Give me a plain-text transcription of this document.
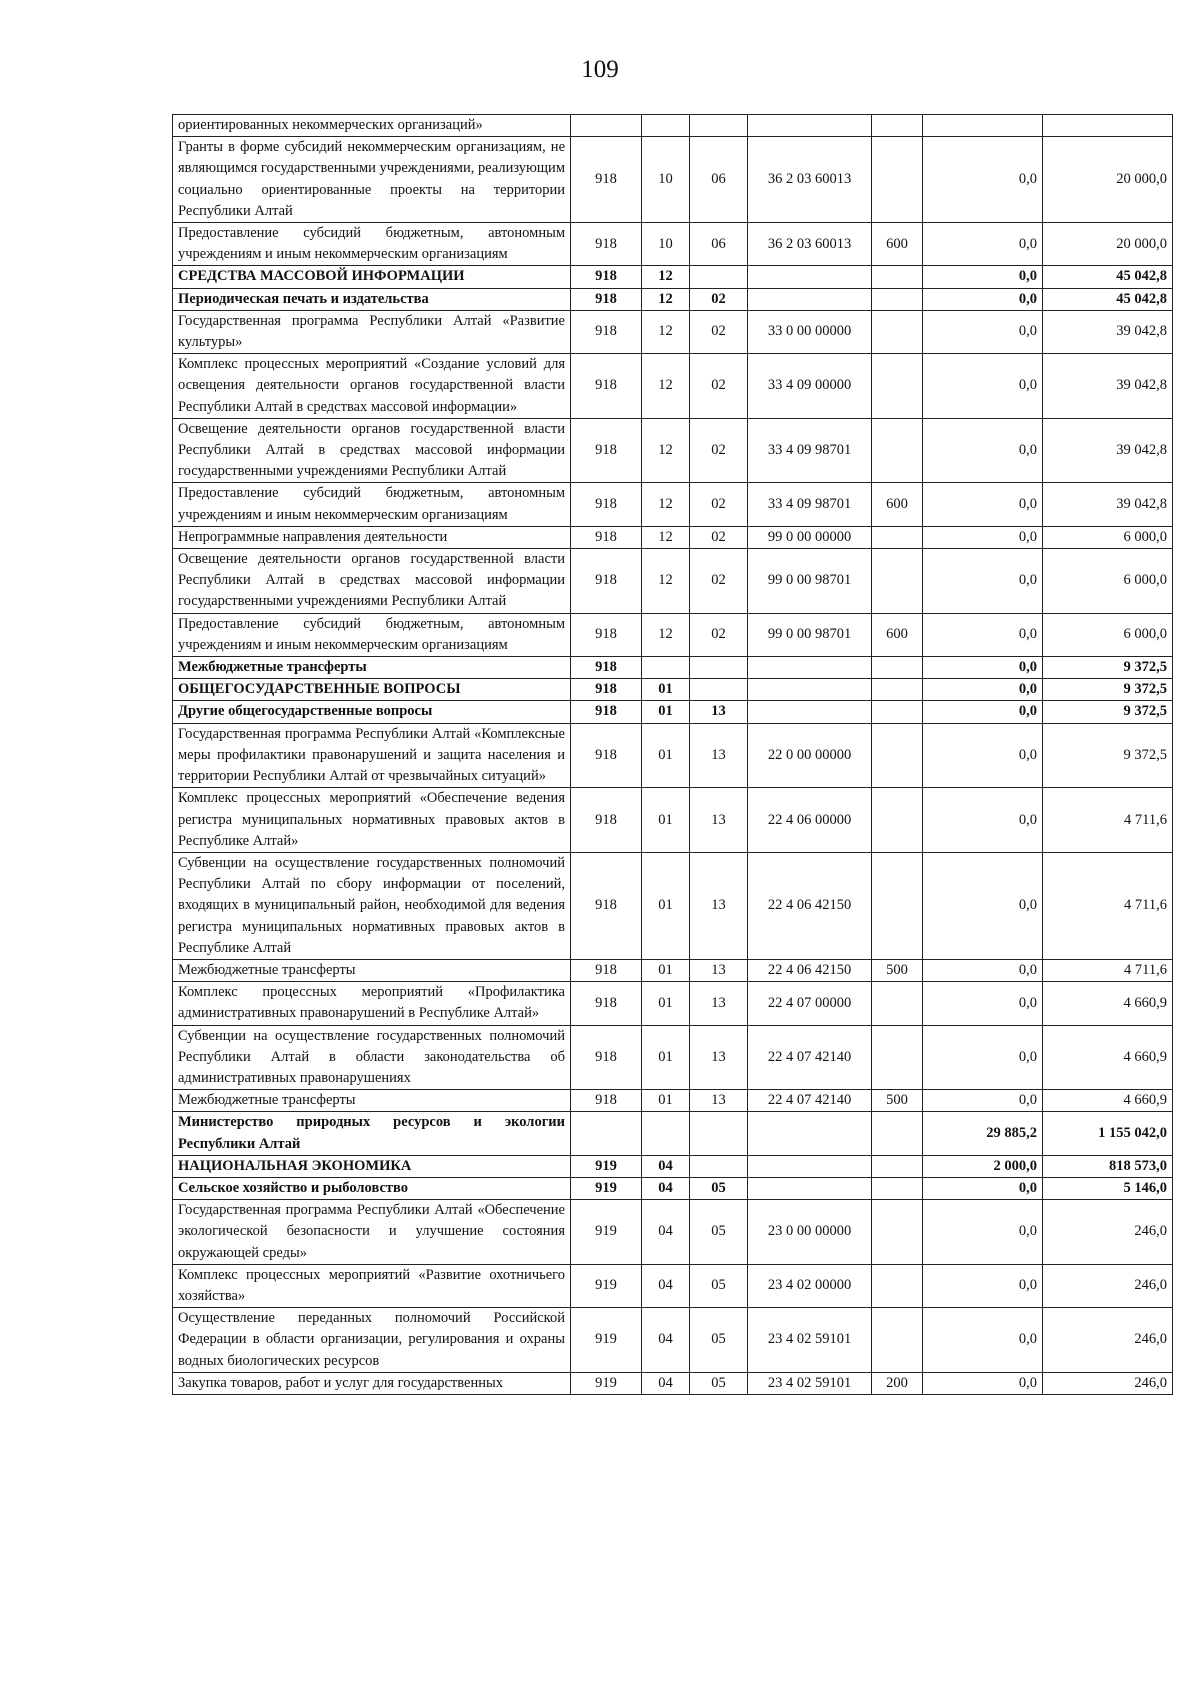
109
ориентированных некоммерческих организаций»							
Гранты в форме субсидий некоммерческим организациям, не являющимся государственными учреждениями, реализующим социально ориентированные проекты на территории Республики Алтай	918	10	06	36 2 03 60013		0,0	20 000,0
Предоставление субсидий бюджетным, автономным учреждениям и иным некоммерческим организациям	918	10	06	36 2 03 60013	600	0,0	20 000,0
СРЕДСТВА МАССОВОЙ ИНФОРМАЦИИ	918	12				0,0	45 042,8
Периодическая печать и издательства	918	12	02			0,0	45 042,8
Государственная программа Республики Алтай «Развитие культуры»	918	12	02	33 0 00 00000		0,0	39 042,8
Комплекс процессных мероприятий «Создание условий для освещения деятельности органов государственной власти Республики Алтай в средствах массовой информации»	918	12	02	33 4 09 00000		0,0	39 042,8
Освещение деятельности органов государственной власти Республики Алтай в средствах массовой информации государственными учреждениями Республики Алтай	918	12	02	33 4 09 98701		0,0	39 042,8
Предоставление субсидий бюджетным, автономным учреждениям и иным некоммерческим организациям	918	12	02	33 4 09 98701	600	0,0	39 042,8
Непрограммные направления деятельности	918	12	02	99 0 00 00000		0,0	6 000,0
Освещение деятельности органов государственной власти Республики Алтай в средствах массовой информации государственными учреждениями Республики Алтай	918	12	02	99 0 00 98701		0,0	6 000,0
Предоставление субсидий бюджетным, автономным учреждениям и иным некоммерческим организациям	918	12	02	99 0 00 98701	600	0,0	6 000,0
Межбюджетные трансферты	918					0,0	9 372,5
ОБЩЕГОСУДАРСТВЕННЫЕ ВОПРОСЫ	918	01				0,0	9 372,5
Другие общегосударственные вопросы	918	01	13			0,0	9 372,5
Государственная программа Республики Алтай «Комплексные меры профилактики правонарушений и защита населения и территории Республики Алтай от чрезвычайных ситуаций»	918	01	13	22 0 00 00000		0,0	9 372,5
Комплекс процессных мероприятий «Обеспечение ведения регистра муниципальных нормативных правовых актов в Республике Алтай»	918	01	13	22 4 06 00000		0,0	4 711,6
Субвенции на осуществление государственных полномочий Республики Алтай по сбору информации от поселений, входящих в муниципальный район, необходимой для ведения регистра муниципальных нормативных правовых актов в Республике Алтай	918	01	13	22 4 06 42150		0,0	4 711,6
Межбюджетные трансферты	918	01	13	22 4 06 42150	500	0,0	4 711,6
Комплекс процессных мероприятий «Профилактика административных правонарушений в Республике Алтай»	918	01	13	22 4 07 00000		0,0	4 660,9
Субвенции на осуществление государственных полномочий Республики Алтай в области законодательства об административных правонарушениях	918	01	13	22 4 07 42140		0,0	4 660,9
Межбюджетные трансферты	918	01	13	22 4 07 42140	500	0,0	4 660,9
Министерство природных ресурсов и экологии Республики Алтай						29 885,2	1 155 042,0
НАЦИОНАЛЬНАЯ ЭКОНОМИКА	919	04				2 000,0	818 573,0
Сельское хозяйство и рыболовство	919	04	05			0,0	5 146,0
Государственная программа Республики Алтай «Обеспечение экологической безопасности и улучшение состояния окружающей среды»	919	04	05	23 0 00 00000		0,0	246,0
Комплекс процессных мероприятий «Развитие охотничьего хозяйства»	919	04	05	23 4 02 00000		0,0	246,0
Осуществление переданных полномочий Российской Федерации в области организации, регулирования и охраны водных биологических ресурсов	919	04	05	23 4 02 59101		0,0	246,0
Закупка товаров, работ и услуг для государственных	919	04	05	23 4 02 59101	200	0,0	246,0
